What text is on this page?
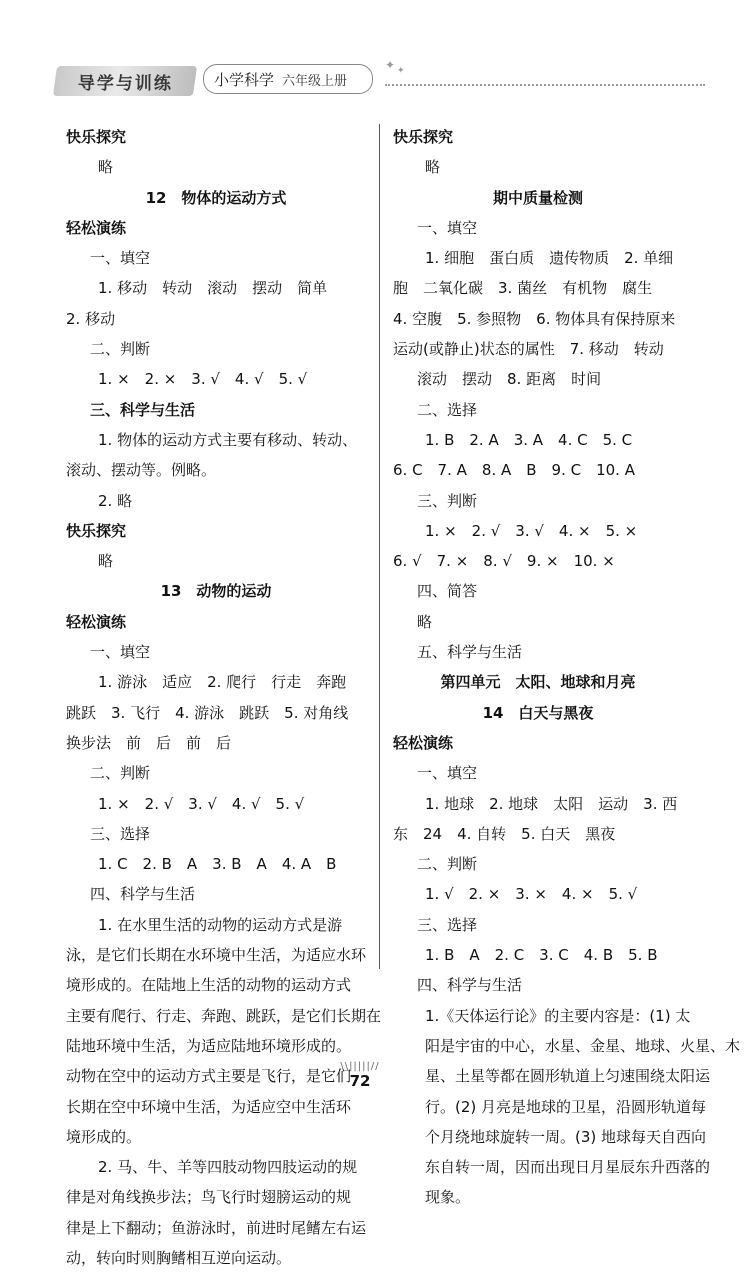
导学与训练	小学科学 六年级上册
✦ ✦
快乐探究
略
12　物体的运动方式
轻松演练
一、填空
1. 移动　转动　滚动　摆动　简单
2. 移动
二、判断
1. ×　2. ×　3. √　4. √　5. √
三、科学与生活
1. 物体的运动方式主要有移动、转动、
滚动、摆动等。例略。
2. 略
快乐探究
略
13　动物的运动
轻松演练
一、填空
1. 游泳　适应　2. 爬行　行走　奔跑
跳跃　3. 飞行　4. 游泳　跳跃　5. 对角线
换步法　前　后　前　后
二、判断
1. ×　2. √　3. √　4. √　5. √
三、选择
1. C　2. B　A　3. B　A　4. A　B
四、科学与生活
1. 在水里生活的动物的运动方式是游
泳，是它们长期在水环境中生活，为适应水环
境形成的。在陆地上生活的动物的运动方式
主要有爬行、行走、奔跑、跳跃，是它们长期在
陆地环境中生活，为适应陆地环境形成的。
动物在空中的运动方式主要是飞行，是它们
长期在空中环境中生活，为适应空中生活环
境形成的。
2. 马、牛、羊等四肢动物四肢运动的规
律是对角线换步法；鸟飞行时翅膀运动的规
律是上下翻动；鱼游泳时，前进时尾鳍左右运
动，转向时则胸鳍相互逆向运动。
快乐探究
略
期中质量检测
一、填空
1. 细胞　蛋白质　遗传物质　2. 单细
胞　二氧化碳　3. 菌丝　有机物　腐生
4. 空腹　5. 参照物　6. 物体具有保持原来
运动(或静止)状态的属性　7. 移动　转动
滚动　摆动　8. 距离　时间
二、选择
1. B　2. A　3. A　4. C　5. C
6. C　7. A　8. A　B　9. C　10. A
三、判断
1. ×　2. √　3. √　4. ×　5. ×
6. √　7. ×　8. √　9. ×　10. ×
四、简答
略
五、科学与生活
第四单元　太阳、地球和月亮
14　白天与黑夜
轻松演练
一、填空
1. 地球　2. 地球　太阳　运动　3. 西
东　24　4. 自转　5. 白天　黑夜
二、判断
1. √　2. ×　3. ×　4. ×　5. √
三、选择
1. B　A　2. C　3. C　4. B　5. B
四、科学与生活
1.《天体运行论》的主要内容是：(1) 太
阳是宇宙的中心，水星、金星、地球、火星、木
星、土星等都在圆形轨道上匀速围绕太阳运
行。(2) 月亮是地球的卫星，沿圆形轨道每
个月绕地球旋转一周。(3) 地球每天自西向
东自转一周，因而出现日月星辰东升西落的
现象。
\\|||||//
72
